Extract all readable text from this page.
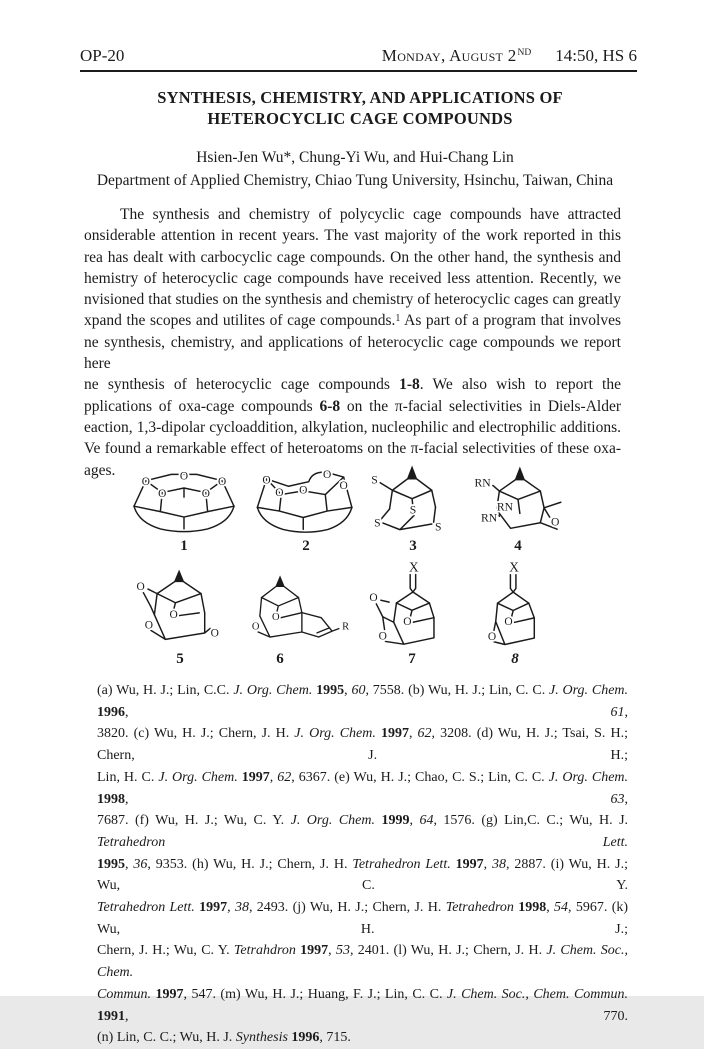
OP-20	Monday, August 2ND 14:50, HS 6
SYNTHESIS, CHEMISTRY, AND APPLICATIONS OF
HETEROCYCLIC CAGE COMPOUNDS
Hsien-Jen Wu*, Chung-Yi Wu, and Hui-Chang Lin
Department of Applied Chemistry, Chiao Tung University, Hsinchu, Taiwan, China
The synthesis and chemistry of polycyclic cage compounds have attracted
onsiderable attention in recent years. The vast majority of the work reported in this
rea has dealt with carbocyclic cage compounds. On the other hand, the synthesis and
hemistry of heterocyclic cage compounds have received less attention. Recently, we
nvisioned that studies on the synthesis and chemistry of heterocyclic cages can greatly
xpand the scopes and utilites of cage compounds.$^1$ As part of a program that involves
ne synthesis, chemistry, and applications of heterocyclic cage compounds we report here
ne synthesis of heterocyclic cage compounds 1-8. We also wish to report the
pplications of oxa-cage compounds 6-8 on the π-facial selectivities in Diels-Alder
eaction, 1,3-dipolar cycloaddition, alkylation, nucleophilic and electrophilic additions.
Ve found a remarkable effect of heteroatoms on the π-facial selectivities of these oxa-
ages.
O O O
O	O
1
O
O O
O
O
2
S
S
S	S
3
RN
RN
RN	O
4
O
O
O
O
5
O
O	R
6
X
O
O
O
7
X
O
O
8
(a) Wu, H. J.; Lin, C.C. J. Org. Chem. 1995, 60, 7558. (b) Wu, H. J.; Lin, C. C. J. Org. Chem. 1996, 61,
3820. (c) Wu, H. J.; Chern, J. H. J. Org. Chem. 1997, 62, 3208. (d) Wu, H. J.; Tsai, S. H.; Chern, J. H.;
Lin, H. C. J. Org. Chem. 1997, 62, 6367. (e) Wu, H. J.; Chao, C. S.; Lin, C. C. J. Org. Chem. 1998, 63,
7687. (f) Wu, H. J.; Wu, C. Y. J. Org. Chem. 1999, 64, 1576. (g) Lin,C. C.; Wu, H. J. Tetrahedron Lett.
1995, 36, 9353. (h) Wu, H. J.; Chern, J. H. Tetrahedron Lett. 1997, 38, 2887. (i) Wu, H. J.; Wu, C. Y.
Tetrahedron Lett. 1997, 38, 2493. (j) Wu, H. J.; Chern, J. H. Tetrahedron 1998, 54, 5967. (k) Wu, H. J.;
Chern, J. H.; Wu, C. Y. Tetrahdron 1997, 53, 2401. (l) Wu, H. J.; Chern, J. H. J. Chem. Soc., Chem.
Commun. 1997, 547. (m) Wu, H. J.; Huang, F. J.; Lin, C. C. J. Chem. Soc., Chem. Commun. 1991, 770.
(n) Lin, C. C.; Wu, H. J. Synthesis 1996, 715.
